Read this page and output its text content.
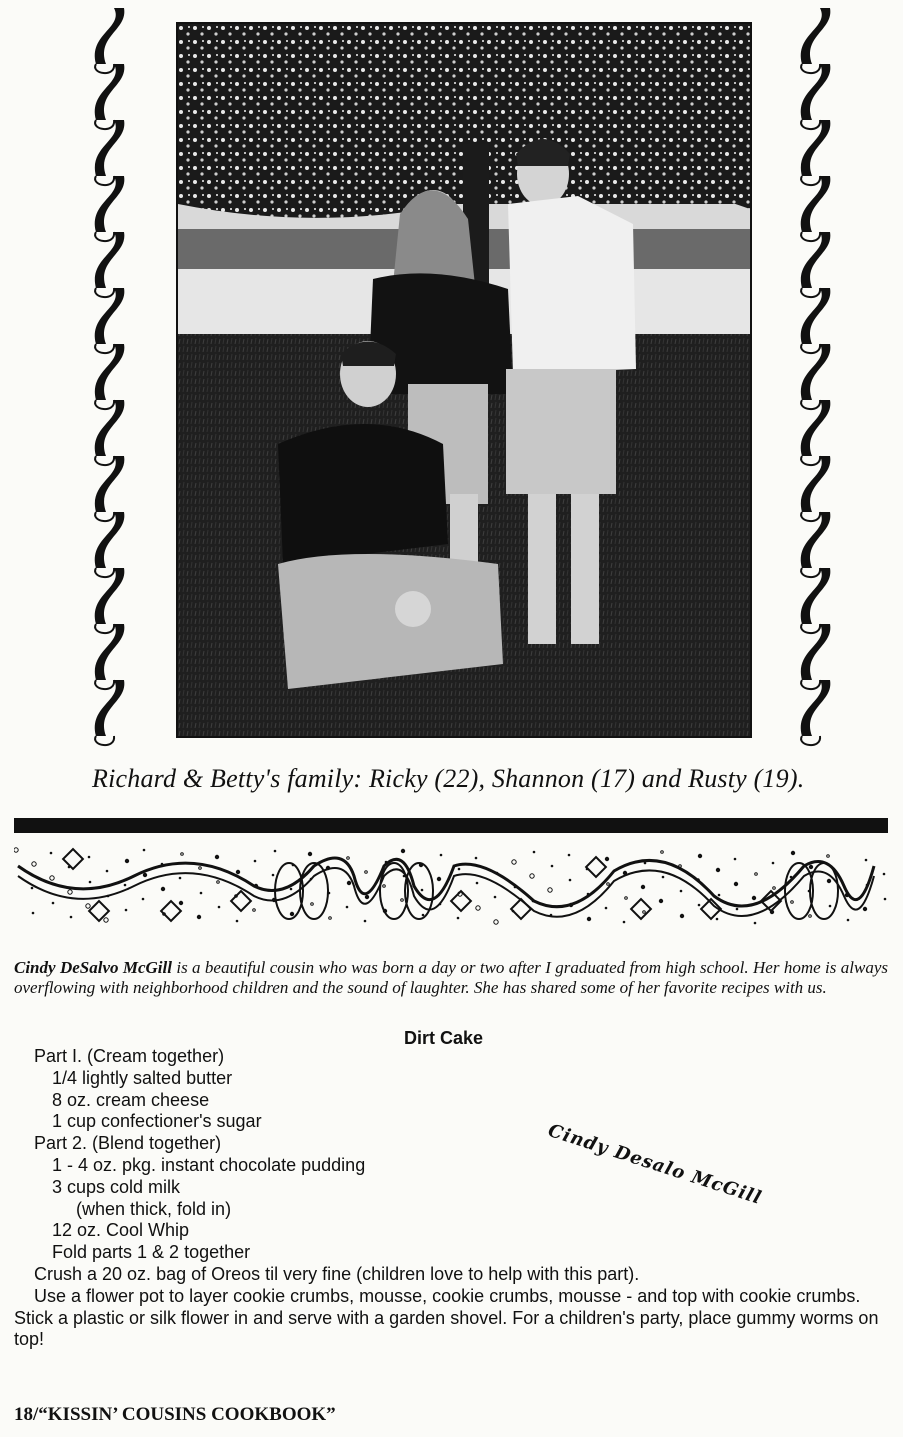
Richard & Betty's family: Ricky (22), Shannon (17) and Rusty (19).
Cindy DeSalvo McGill is a beautiful cousin who was born a day or two after I graduated from high school. Her home is always overflowing with neighborhood children and the sound of laughter. She has shared some of her favorite recipes with us.
Dirt Cake
Part I. (Cream together)
1/4 lightly salted butter
8 oz. cream cheese
1 cup confectioner's sugar
Part 2. (Blend together)
1 - 4 oz. pkg. instant chocolate pudding
3 cups cold milk
(when thick, fold in)
12 oz. Cool Whip
Fold parts 1 & 2 together
Crush a 20 oz. bag of Oreos til very fine (children love to help with this part).
Use a flower pot to layer cookie crumbs, mousse, cookie crumbs, mousse - and top with cookie crumbs. Stick a plastic or silk flower in and serve with a garden shovel. For a children's party, place gummy worms on top!
Cindy Desalo McGill
18/“KISSIN’ COUSINS COOKBOOK”
